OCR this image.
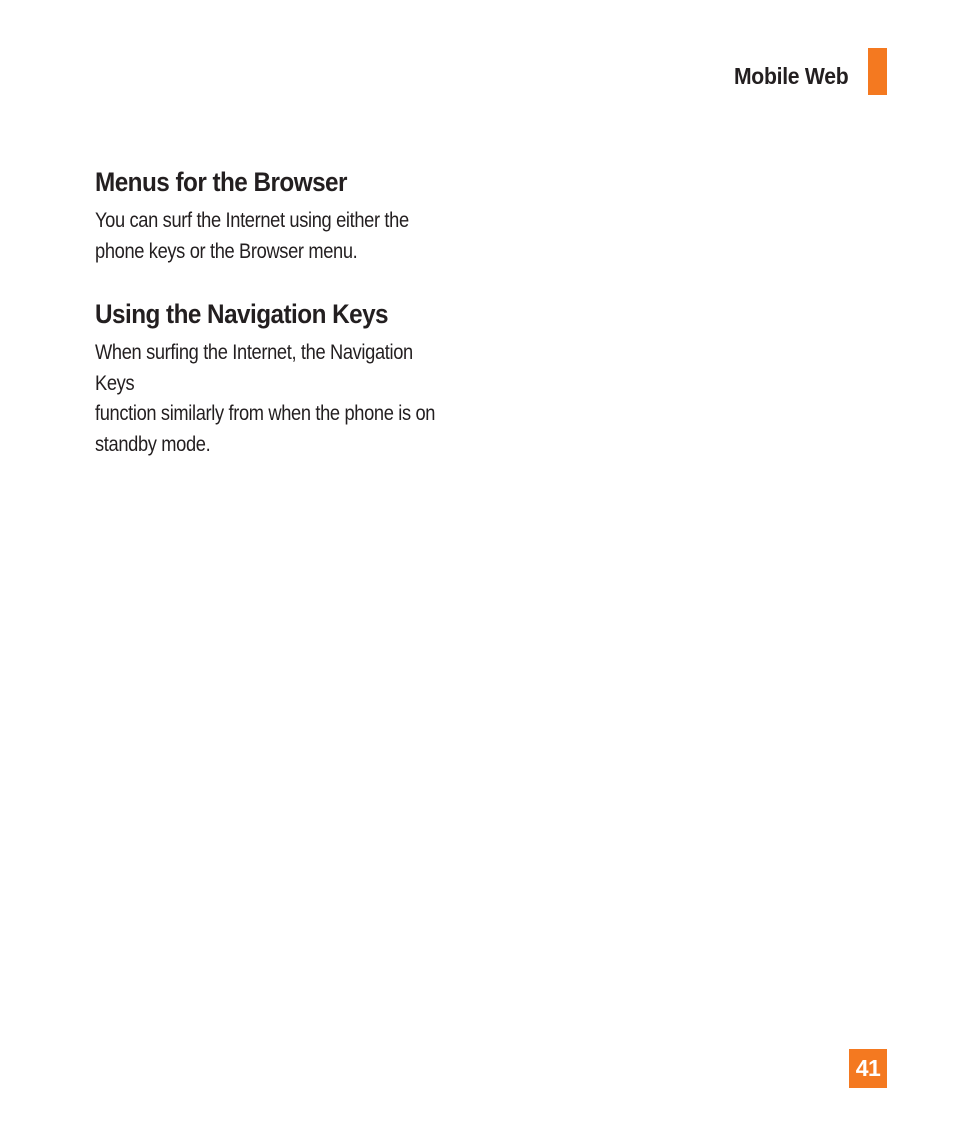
Mobile Web
Menus for the Browser
You can surf the Internet using either the
phone keys or the Browser menu.
Using the Navigation Keys
When surfing the Internet, the Navigation Keys
function similarly from when the phone is on
standby mode.
41
